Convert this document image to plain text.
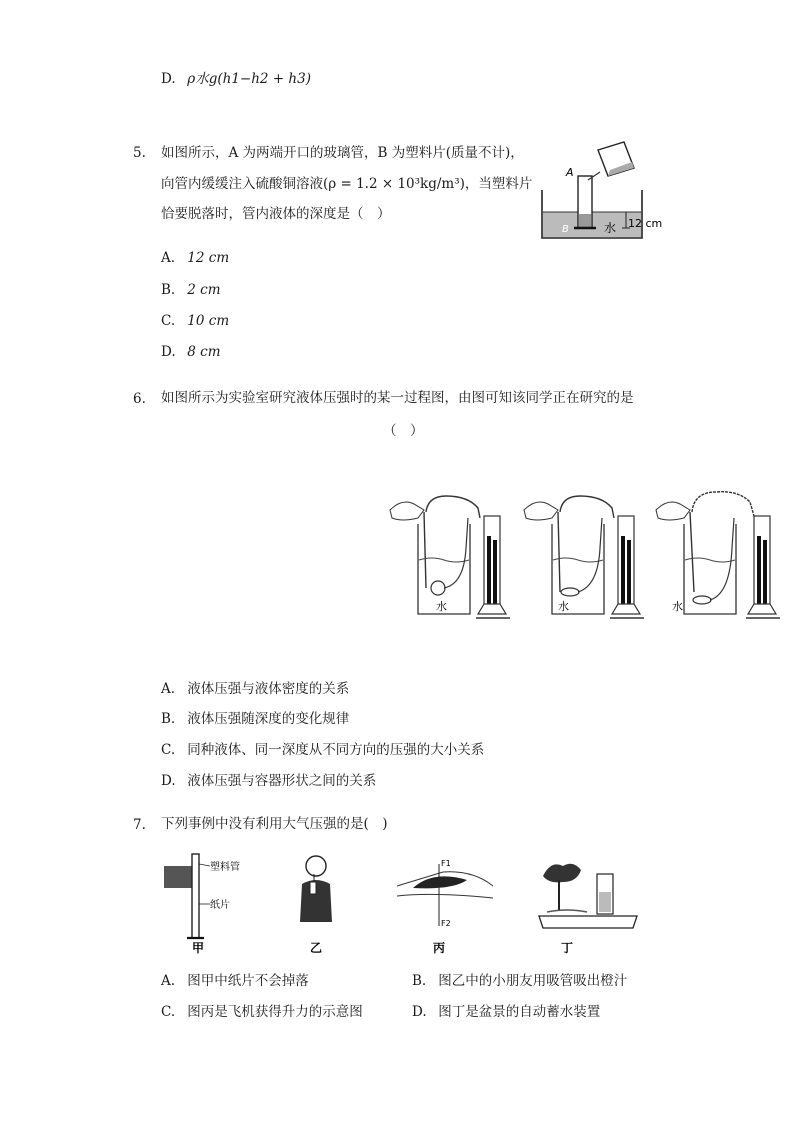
D. ρ水g(h1−h2 + h3)
5. 如图所示，A 为两端开口的玻璃管，B 为塑料片(质量不计)，
向管内缓缓注入硫酸铜溶液(ρ = 1.2 × 10³kg/m³)，当塑料片
恰要脱落时，管内液体的深度是（　）
A
B	水 12 cm
A. 12 cm
B. 2 cm
C. 10 cm
D. 8 cm
6. 如图所示为实验室研究液体压强时的某一过程图，由图可知该同学正在研究的是
（　）
水	水	水
A. 液体压强与液体密度的关系
B. 液体压强随深度的变化规律
C. 同种液体、同一深度从不同方向的压强的大小关系
D. 液体压强与容器形状之间的关系
7. 下列事例中没有利用大气压强的是(　)
塑料管
纸片
甲	乙
F1
F2
丙	丁
A. 图甲中纸片不会掉落	B. 图乙中的小朋友用吸管吸出橙汁
C. 图丙是飞机获得升力的示意图	D. 图丁是盆景的自动蓄水装置
